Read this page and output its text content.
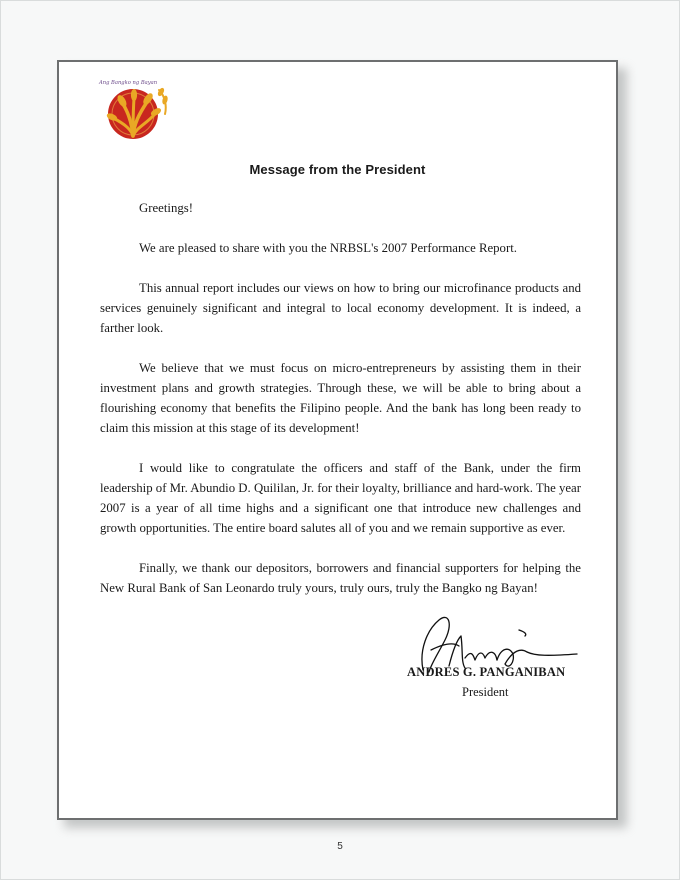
Ang Bangko ng Bayan
Message from the President

Greetings!

We are pleased to share with you the NRBSL's 2007 Performance Report.

This annual report includes our views on how to bring our microfinance products and services genuinely significant and integral to local economy development. It is indeed, a farther look.

We believe that we must focus on micro-entrepreneurs by assisting them in their investment plans and growth strategies. Through these, we will be able to bring about a flourishing economy that benefits the Filipino people. And the bank has long been ready to claim this mission at this stage of its development!

I would like to congratulate the officers and staff of the Bank, under the firm leadership of Mr. Abundio D. Quililan, Jr. for their loyalty, brilliance and hard-work. The year 2007 is a year of all time highs and a significant one that introduce new challenges and growth opportunities. The entire board salutes all of you and we remain supportive as ever.

Finally, we thank our depositors, borrowers and financial supporters for helping the New Rural Bank of San Leonardo truly yours, truly ours, truly the Bangko ng Bayan!

ANDRES G. PANGANIBAN
President
5
